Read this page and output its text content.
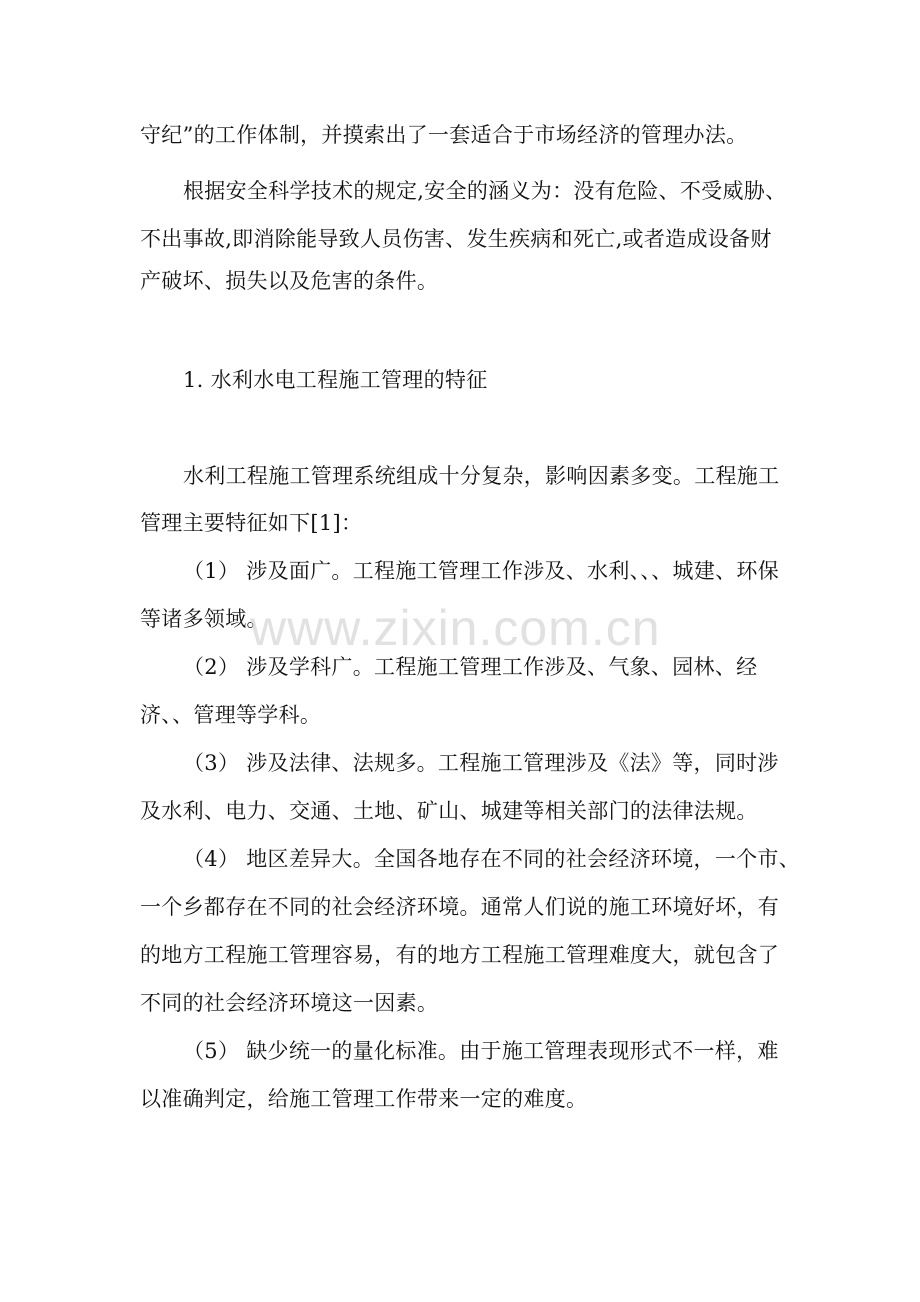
守纪”的工作体制，并摸索出了一套适合于市场经济的管理办法。
根据安全科学技术的规定,安全的涵义为：没有危险、不受威胁、
不出事故,即消除能导致人员伤害、发生疾病和死亡,或者造成设备财
产破坏、损失以及危害的条件。
1. 水利水电工程施工管理的特征
水利工程施工管理系统组成十分复杂，影响因素多变。工程施工
管理主要特征如下[1]：
（1） 涉及面广。工程施工管理工作涉及、水利、、、城建、环保
等诸多领域。
（2） 涉及学科广。工程施工管理工作涉及、气象、园林、经
济、、管理等学科。
（3） 涉及法律、法规多。工程施工管理涉及《法》等，同时涉
及水利、电力、交通、土地、矿山、城建等相关部门的法律法规。
（4） 地区差异大。全国各地存在不同的社会经济环境，一个市、
一个乡都存在不同的社会经济环境。通常人们说的施工环境好坏，有
的地方工程施工管理容易，有的地方工程施工管理难度大，就包含了
不同的社会经济环境这一因素。
（5） 缺少统一的量化标准。由于施工管理表现形式不一样，难
以准确判定，给施工管理工作带来一定的难度。
www.zixin.com.cn
